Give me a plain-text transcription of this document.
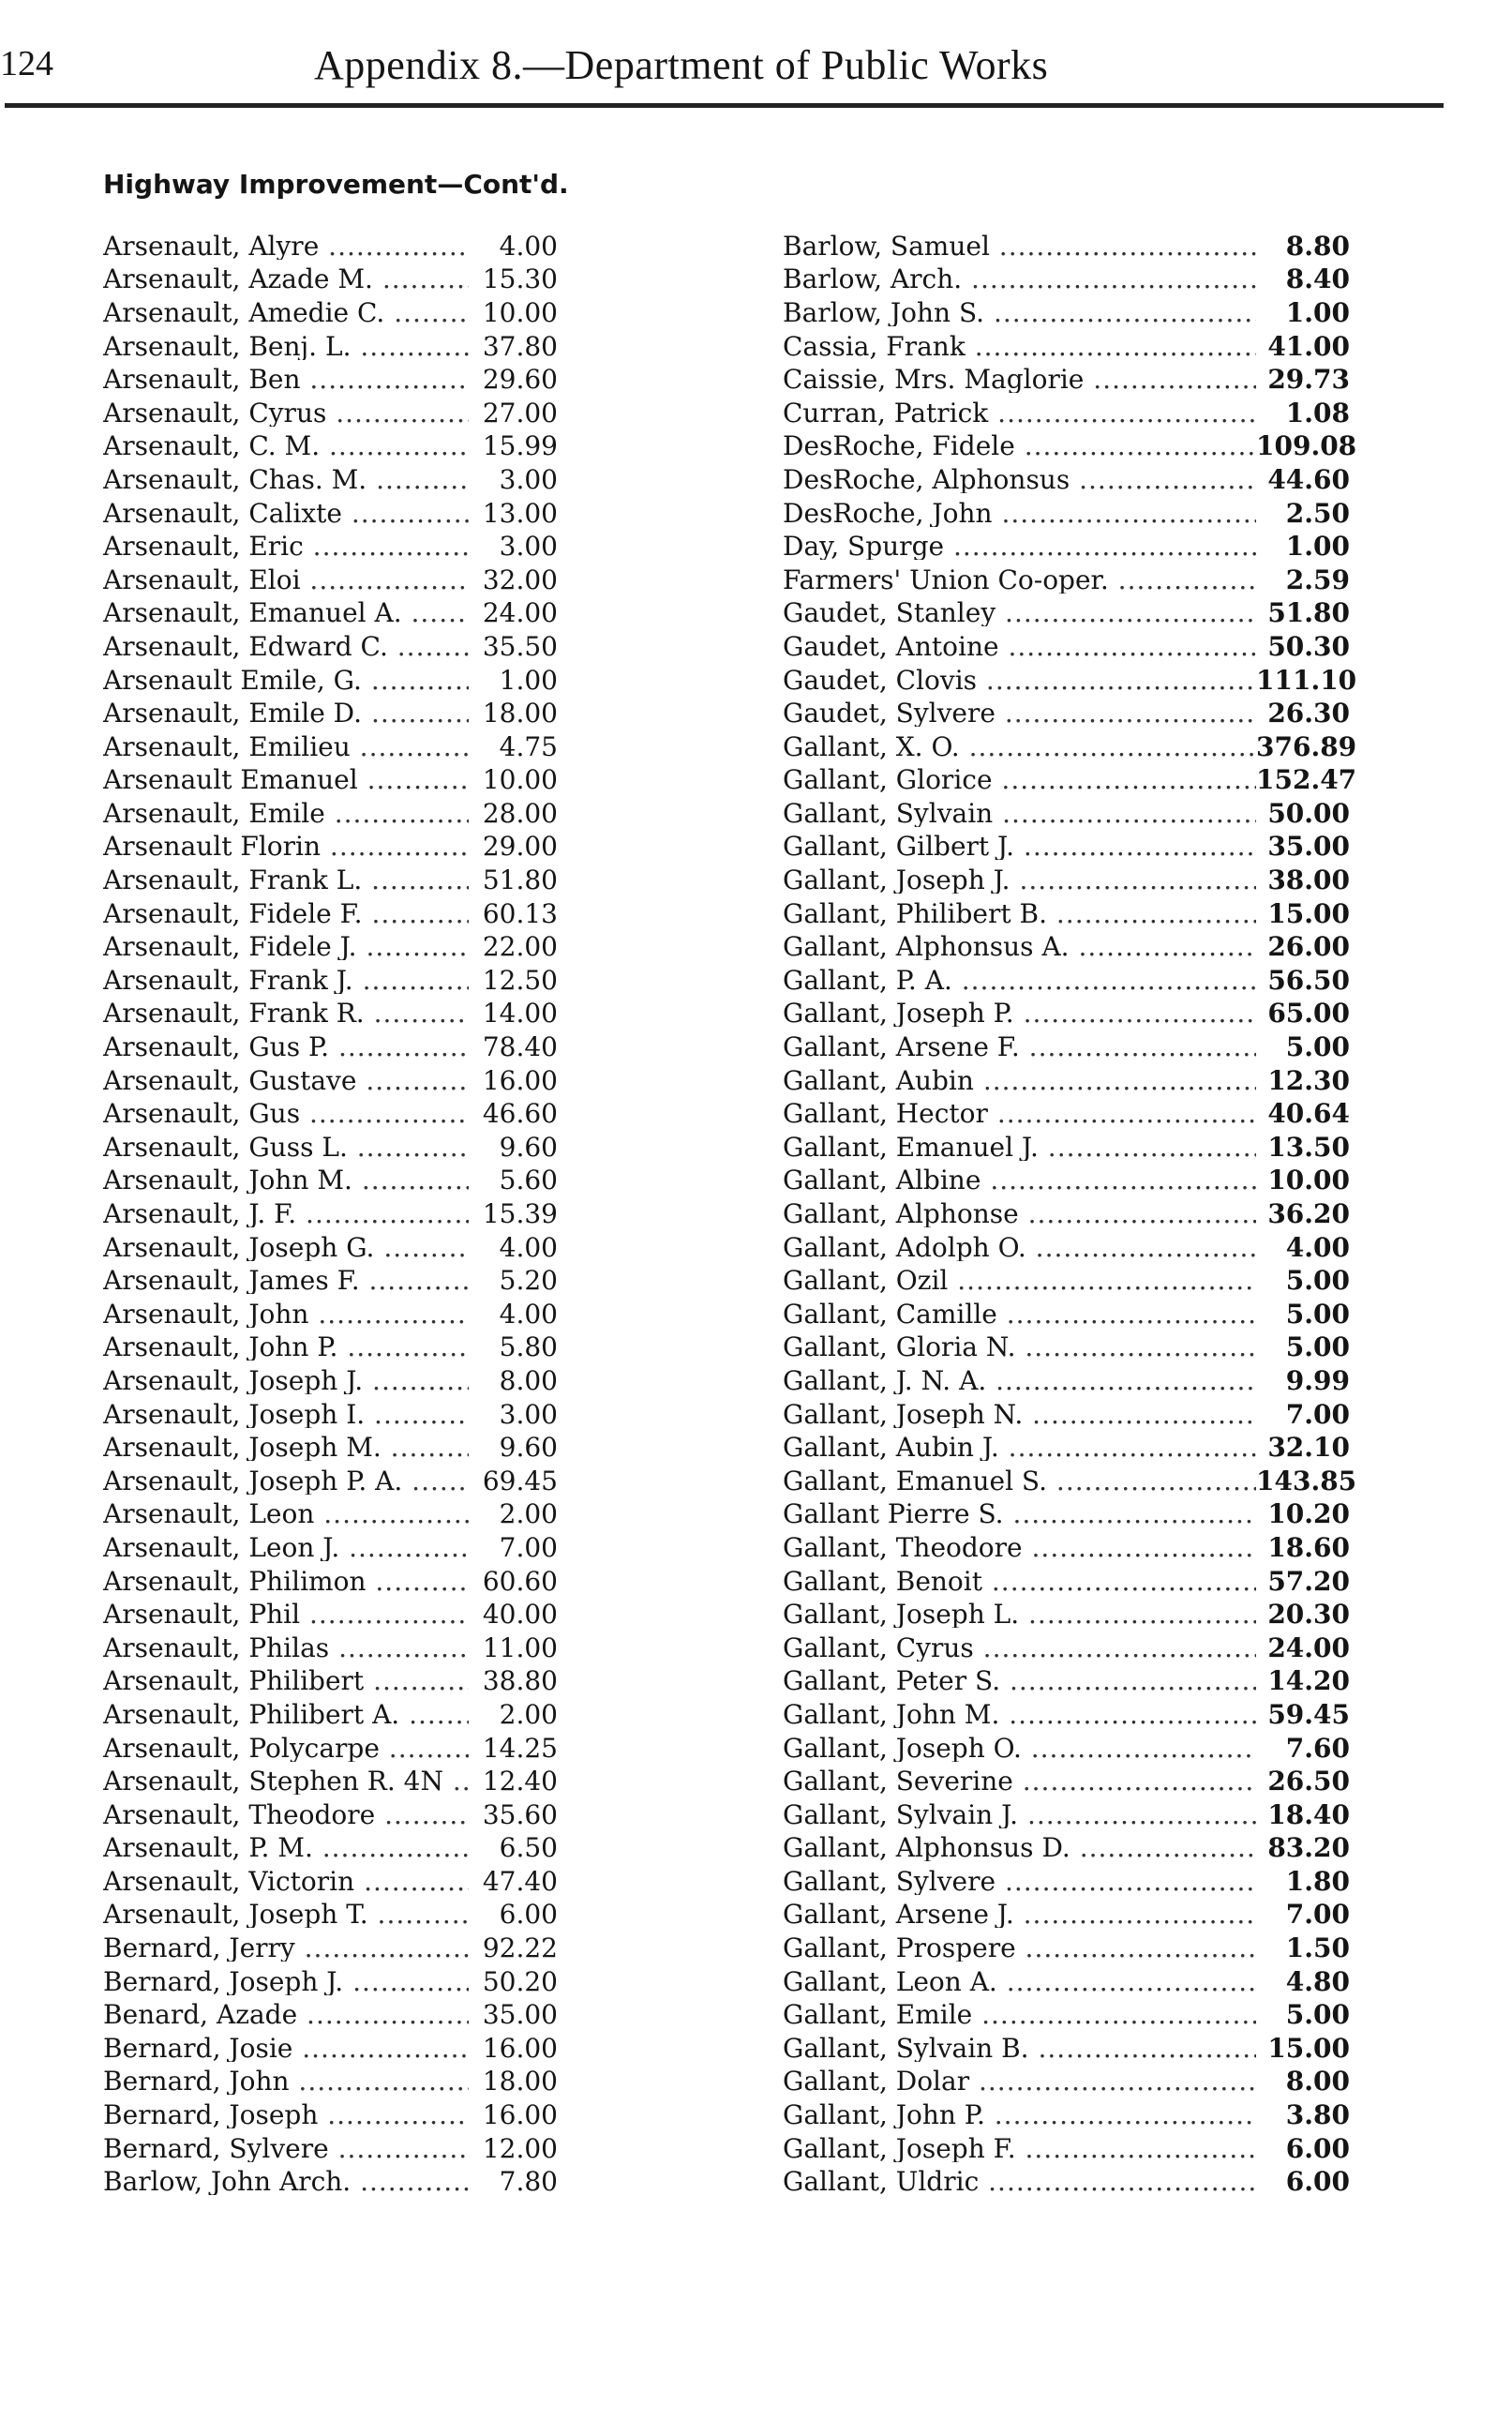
124	Appendix 8.—Department of Public Works
Highway Improvement—Cont'd.
Arsenault, Alyre .....	4.00
Arsenault, Azade M. .....	15.30
Arsenault, Amedie C. .....	10.00
Arsenault, Benj. L. .....	37.80
Arsenault, Ben .....	29.60
Arsenault, Cyrus .....	27.00
Arsenault, C. M. .....	15.99
Arsenault, Chas. M. .....	3.00
Arsenault, Calixte .....	13.00
Arsenault, Eric .....	3.00
Arsenault, Eloi .....	32.00
Arsenault, Emanuel A. .....	24.00
Arsenault, Edward C. .....	35.50
Arsenault Emile, G. .....	1.00
Arsenault, Emile D. .....	18.00
Arsenault, Emilieu .....	4.75
Arsenault Emanuel .....	10.00
Arsenault, Emile .....	28.00
Arsenault Florin .....	29.00
Arsenault, Frank L. .....	51.80
Arsenault, Fidele F. .....	60.13
Arsenault, Fidele J. .....	22.00
Arsenault, Frank J. .....	12.50
Arsenault, Frank R. .....	14.00
Arsenault, Gus P. .....	78.40
Arsenault, Gustave .....	16.00
Arsenault, Gus .....	46.60
Arsenault, Guss L. .....	9.60
Arsenault, John M. .....	5.60
Arsenault, J. F. .....	15.39
Arsenault, Joseph G. .....	4.00
Arsenault, James F. .....	5.20
Arsenault, John .....	4.00
Arsenault, John P. .....	5.80
Arsenault, Joseph J. .....	8.00
Arsenault, Joseph I. .....	3.00
Arsenault, Joseph M. .....	9.60
Arsenault, Joseph P. A. .....	69.45
Arsenault, Leon .....	2.00
Arsenault, Leon J. .....	7.00
Arsenault, Philimon .....	60.60
Arsenault, Phil .....	40.00
Arsenault, Philas .....	11.00
Arsenault, Philibert .....	38.80
Arsenault, Philibert A. .....	2.00
Arsenault, Polycarpe .....	14.25
Arsenault, Stephen R. 4N .....	12.40
Arsenault, Theodore .....	35.60
Arsenault, P. M. .....	6.50
Arsenault, Victorin .....	47.40
Arsenault, Joseph T. .....	6.00
Bernard, Jerry .....	92.22
Bernard, Joseph J. .....	50.20
Benard, Azade .....	35.00
Bernard, Josie .....	16.00
Bernard, John .....	18.00
Bernard, Joseph .....	16.00
Bernard, Sylvere .....	12.00
Barlow, John Arch. .....	7.80
Barlow, Samuel .....	8.80
Barlow, Arch. .....	8.40
Barlow, John S. .....	1.00
Cassia, Frank .....	41.00
Caissie, Mrs. Maglorie .....	29.73
Curran, Patrick .....	1.08
DesRoche, Fidele .....	109.08
DesRoche, Alphonsus .....	44.60
DesRoche, John .....	2.50
Day, Spurge .....	1.00
Farmers' Union Co-oper. .....	2.59
Gaudet, Stanley .....	51.80
Gaudet, Antoine .....	50.30
Gaudet, Clovis .....	111.10
Gaudet, Sylvere .....	26.30
Gallant, X. O. .....	376.89
Gallant, Glorice .....	152.47
Gallant, Sylvain .....	50.00
Gallant, Gilbert J. .....	35.00
Gallant, Joseph J. .....	38.00
Gallant, Philibert B. .....	15.00
Gallant, Alphonsus A. .....	26.00
Gallant, P. A. .....	56.50
Gallant, Joseph P. .....	65.00
Gallant, Arsene F. .....	5.00
Gallant, Aubin .....	12.30
Gallant, Hector .....	40.64
Gallant, Emanuel J. .....	13.50
Gallant, Albine .....	10.00
Gallant, Alphonse .....	36.20
Gallant, Adolph O. .....	4.00
Gallant, Ozil .....	5.00
Gallant, Camille .....	5.00
Gallant, Gloria N. .....	5.00
Gallant, J. N. A. .....	9.99
Gallant, Joseph N. .....	7.00
Gallant, Aubin J. .....	32.10
Gallant, Emanuel S. .....	143.85
Gallant Pierre S. .....	10.20
Gallant, Theodore .....	18.60
Gallant, Benoit .....	57.20
Gallant, Joseph L. .....	20.30
Gallant, Cyrus .....	24.00
Gallant, Peter S. .....	14.20
Gallant, John M. .....	59.45
Gallant, Joseph O. .....	7.60
Gallant, Severine .....	26.50
Gallant, Sylvain J. .....	18.40
Gallant, Alphonsus D. .....	83.20
Gallant, Sylvere .....	1.80
Gallant, Arsene J. .....	7.00
Gallant, Prospere .....	1.50
Gallant, Leon A. .....	4.80
Gallant, Emile .....	5.00
Gallant, Sylvain B. .....	15.00
Gallant, Dolar .....	8.00
Gallant, John P. .....	3.80
Gallant, Joseph F. .....	6.00
Gallant, Uldric .....	6.00
